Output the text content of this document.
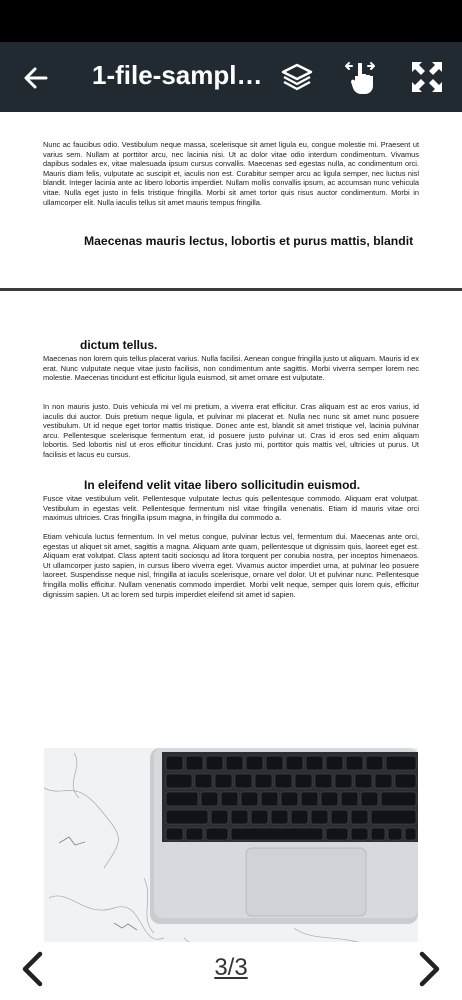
1-file-sampl…
Nunc ac faucibus odio. Vestibulum neque massa, scelerisque sit amet ligula eu, congue molestie mi. Praesent ut varius sem. Nullam at porttitor arcu, nec lacinia nisi. Ut ac dolor vitae odio interdum condimentum. Vivamus dapibus sodales ex, vitae malesuada ipsum cursus convallis. Maecenas sed egestas nulla, ac condimentum orci. Mauris diam felis, vulputate ac suscipit et, iaculis non est. Curabitur semper arcu ac ligula semper, nec luctus nisl blandit. Integer lacinia ante ac libero lobortis imperdiet. Nullam mollis convallis ipsum, ac accumsan nunc vehicula vitae. Nulla eget justo in felis tristique fringilla. Morbi sit amet tortor quis risus auctor condimentum. Morbi in ullamcorper elit. Nulla iaculis tellus sit amet mauris tempus fringilla.
Maecenas mauris lectus, lobortis et purus mattis, blandit
dictum tellus.
Maecenas non lorem quis tellus placerat varius. Nulla facilisi. Aenean congue fringilla justo ut aliquam. Mauris id ex erat. Nunc vulputate neque vitae justo facilisis, non condimentum ante sagittis. Morbi viverra semper lorem nec molestie. Maecenas tincidunt est efficitur ligula euismod, sit amet ornare est vulputate.
In non mauris justo. Duis vehicula mi vel mi pretium, a viverra erat efficitur. Cras aliquam est ac eros varius, id iaculis dui auctor. Duis pretium neque ligula, et pulvinar mi placerat et. Nulla nec nunc sit amet nunc posuere vestibulum. Ut id neque eget tortor mattis tristique. Donec ante est, blandit sit amet tristique vel, lacinia pulvinar arcu. Pellentesque scelerisque fermentum erat, id posuere justo pulvinar ut. Cras id eros sed enim aliquam lobortis. Sed lobortis nisl ut eros efficitur tincidunt. Cras justo mi, porttitor quis mattis vel, ultricies ut purus. Ut facilisis et lacus eu cursus.
In eleifend velit vitae libero sollicitudin euismod.
Fusce vitae vestibulum velit. Pellentesque vulputate lectus quis pellentesque commodo. Aliquam erat volutpat. Vestibulum in egestas velit. Pellentesque fermentum nisl vitae fringilla venenatis. Etiam id mauris vitae orci maximus ultricies. Cras fringilla ipsum magna, in fringilla dui commodo a.
Etiam vehicula luctus fermentum. In vel metus congue, pulvinar lectus vel, fermentum dui. Maecenas ante orci, egestas ut aliquet sit amet, sagittis a magna. Aliquam ante quam, pellentesque ut dignissim quis, laoreet eget est. Aliquam erat volutpat. Class aptent taciti sociosqu ad litora torquent per conubia nostra, per inceptos himenaeos. Ut ullamcorper justo sapien, in cursus libero viverra eget. Vivamus auctor imperdiet urna, at pulvinar leo posuere laoreet. Suspendisse neque nisl, fringilla at iaculis scelerisque, ornare vel dolor. Ut et pulvinar nunc. Pellentesque fringilla mollis efficitur. Nullam venenatis commodo imperdiet. Morbi velit neque, semper quis lorem quis, efficitur dignissim sapien. Ut ac lorem sed turpis imperdiet eleifend sit amet id sapien.
3/3
